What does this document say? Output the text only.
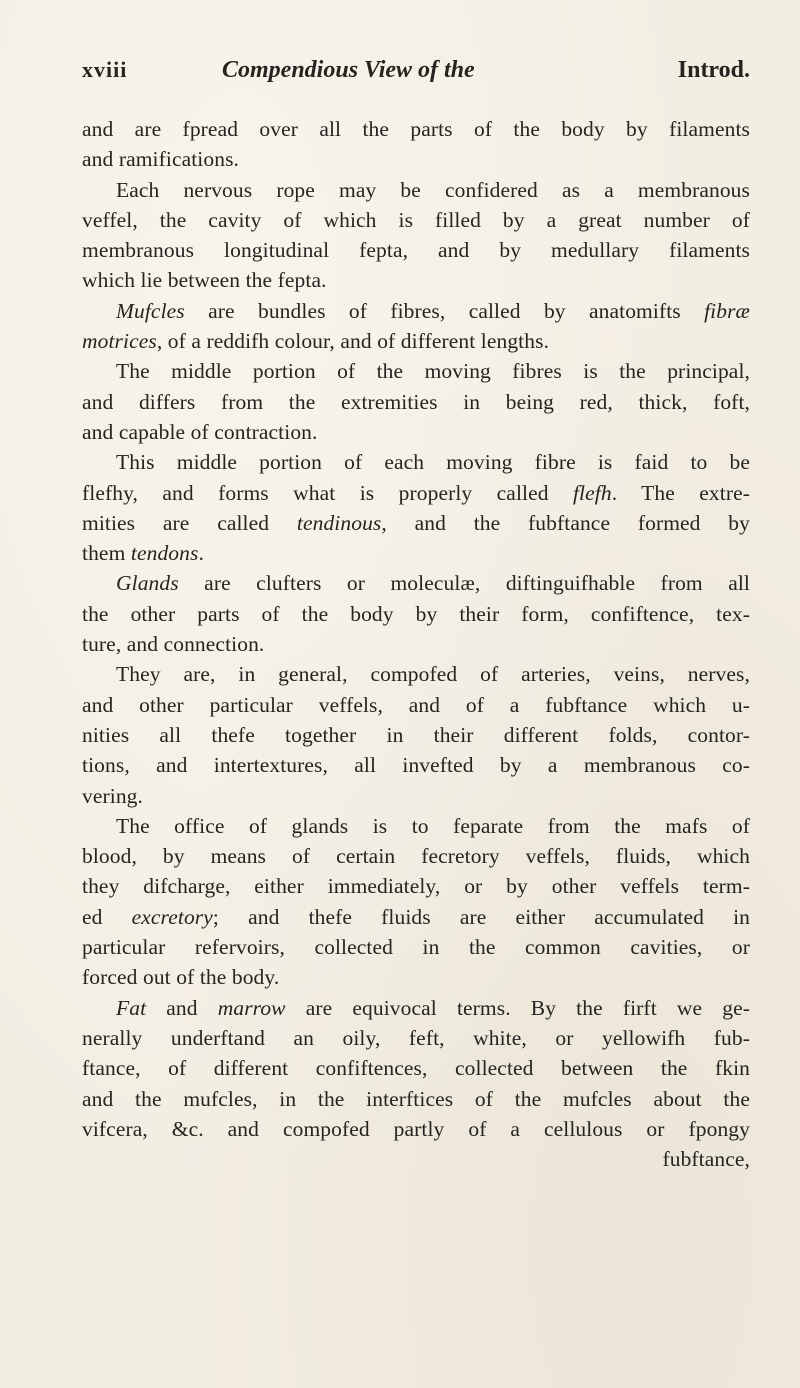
xviii	Compendious View of the	Introd.
and are fpread over all the parts of the body by filaments
and ramifications.
Each nervous rope may be confidered as a membranous
veffel, the cavity of which is filled by a great number of
membranous longitudinal fepta, and by medullary filaments
which lie between the fepta.
Mufcles are bundles of fibres, called by anatomifts fibræ
motrices, of a reddifh colour, and of different lengths.
The middle portion of the moving fibres is the principal,
and differs from the extremities in being red, thick, foft,
and capable of contraction.
This middle portion of each moving fibre is faid to be
flefhy, and forms what is properly called flefh. The extre-
mities are called tendinous, and the fubftance formed by
them tendons.
Glands are clufters or moleculæ, diftinguifhable from all
the other parts of the body by their form, confiftence, tex-
ture, and connection.
They are, in general, compofed of arteries, veins, nerves,
and other particular veffels, and of a fubftance which u-
nities all thefe together in their different folds, contor-
tions, and intertextures, all invefted by a membranous co-
vering.
The office of glands is to feparate from the mafs of
blood, by means of certain fecretory veffels, fluids, which
they difcharge, either immediately, or by other veffels term-
ed excretory; and thefe fluids are either accumulated in
particular refervoirs, collected in the common cavities, or
forced out of the body.
Fat and marrow are equivocal terms. By the firft we ge-
nerally underftand an oily, feft, white, or yellowifh fub-
ftance, of different confiftences, collected between the fkin
and the mufcles, in the interftices of the mufcles about the
vifcera, &c. and compofed partly of a cellulous or fpongy
fubftance,
